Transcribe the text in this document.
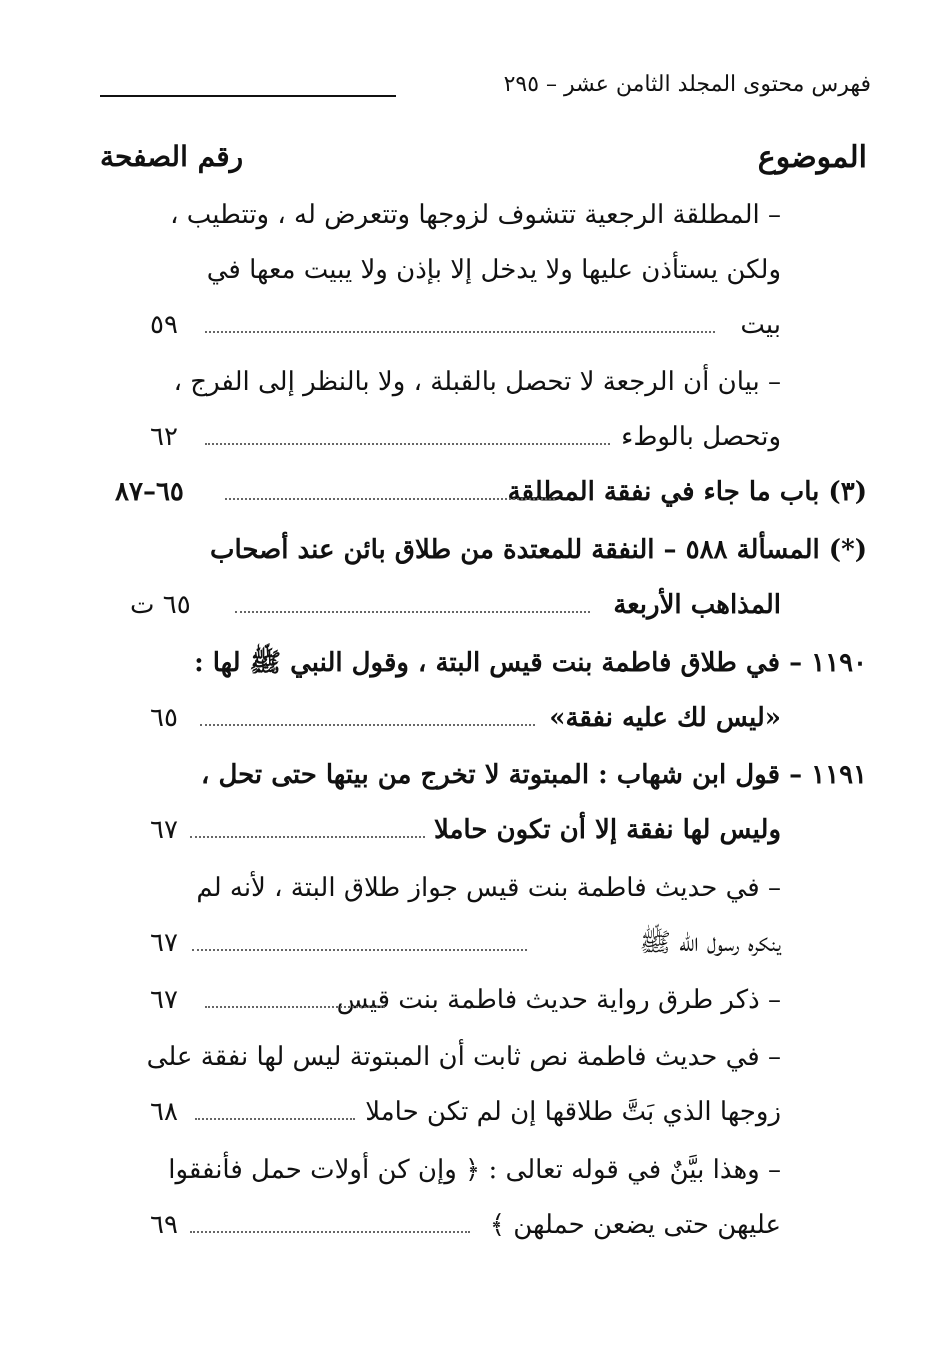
فهرس محتوى المجلد الثامن عشر – ٢٩٥
الموضوع
رقم الصفحة
– المطلقة الرجعية تتشوف لزوجها وتتعرض له ، وتتطيب ،
ولكن يستأذن عليها ولا يدخل إلا بإذن ولا يبيت معها في
بيت
٥٩
– بيان أن الرجعة لا تحصل بالقبلة ، ولا بالنظر إلى الفرج ،
وتحصل بالوطء
٦٢
(٣) باب ما جاء في نفقة المطلقة
٦٥–٨٧
(*) المسألة ٥٨٨ – النفقة للمعتدة من طلاق بائن عند أصحاب
المذاهب الأربعة
٦٥ ت
١١٩٠ – في طلاق فاطمة بنت قيس البتة ، وقول النبي ﷺ لها :
«ليس لك عليه نفقة»
٦٥
١١٩١ – قول ابن شهاب : المبتوتة لا تخرج من بيتها حتى تحل ،
وليس لها نفقة إلا أن تكون حاملا
٦٧
– في حديث فاطمة بنت قيس جواز طلاق البتة ، لأنه لم
ينكره رسول الله ﷺ
٦٧
– ذكر طرق رواية حديث فاطمة بنت قيس
٦٧
– في حديث فاطمة نص ثابت أن المبتوتة ليس لها نفقة على
زوجها الذي بَتَّ طلاقها إن لم تكن حاملا
٦٨
– وهذا بيَّنٌ في قوله تعالى : ﴿ وإن كن أولات حمل فأنفقوا
عليهن حتى يضعن حملهن ﴾
٦٩
